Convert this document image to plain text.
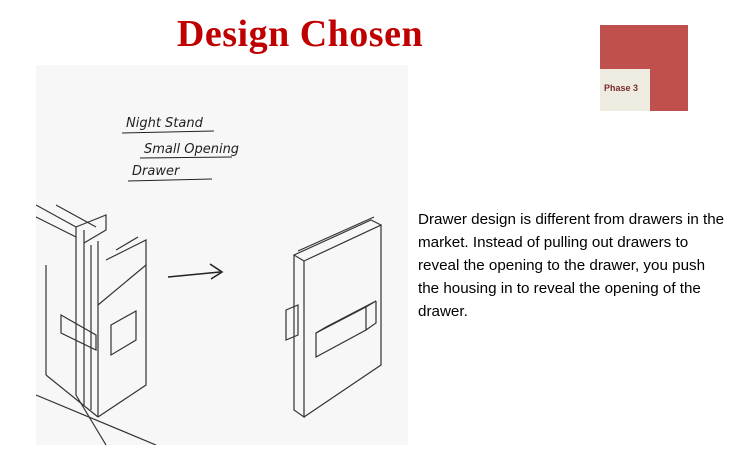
Design Chosen
Phase 3
Night Stand
Small Opening
Drawer

Drawer design is different from drawers in the market. Instead of pulling out drawers to reveal the opening to the drawer, you push the housing in to reveal the opening of the drawer.
